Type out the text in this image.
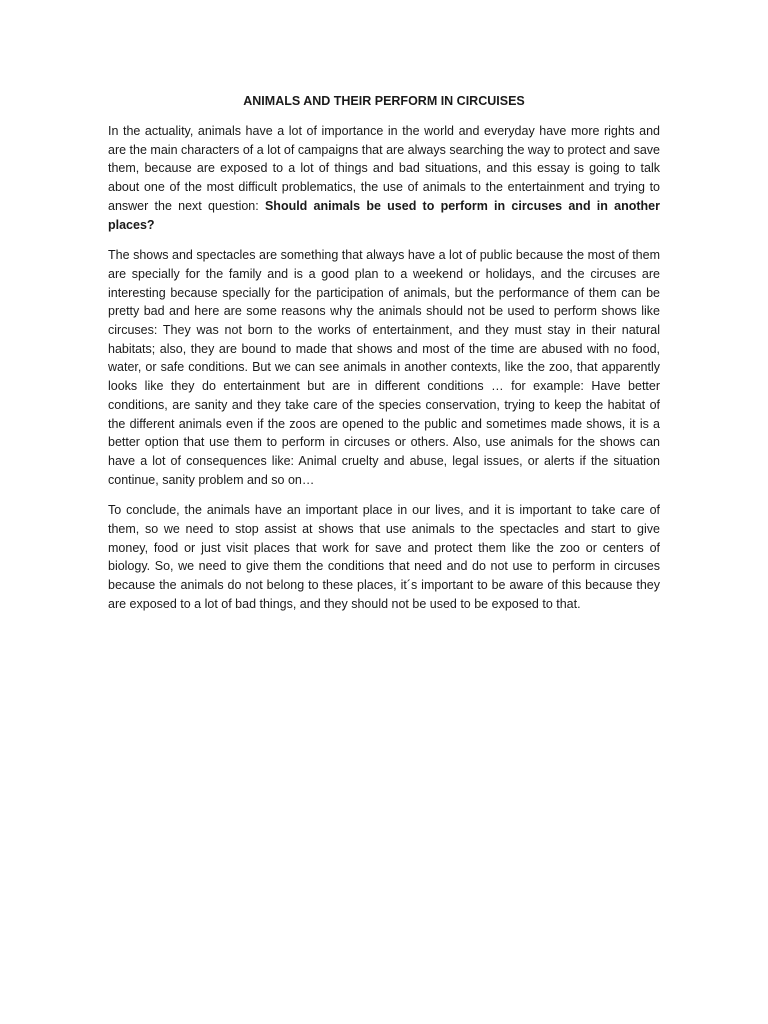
ANIMALS AND THEIR PERFORM IN CIRCUISES

In the actuality, animals have a lot of importance in the world and everyday have more rights and are the main characters of a lot of campaigns that are always searching the way to protect and save them, because are exposed to a lot of things and bad situations, and this essay is going to talk about one of the most difficult problematics, the use of animals to the entertainment and trying to answer the next question: Should animals be used to perform in circuses and in another places?

The shows and spectacles are something that always have a lot of public because the most of them are specially for the family and is a good plan to a weekend or holidays, and the circuses are interesting because specially for the participation of animals, but the performance of them can be pretty bad and here are some reasons why the animals should not be used to perform shows like circuses: They was not born to the works of entertainment, and they must stay in their natural habitats; also, they are bound to made that shows and most of the time are abused with no food, water, or safe conditions. But we can see animals in another contexts, like the zoo, that apparently looks like they do entertainment but are in different conditions … for example: Have better conditions, are sanity and they take care of the species conservation, trying to keep the habitat of the different animals even if the zoos are opened to the public and sometimes made shows, it is a better option that use them to perform in circuses or others. Also, use animals for the shows can have a lot of consequences like: Animal cruelty and abuse, legal issues, or alerts if the situation continue, sanity problem and so on…

To conclude, the animals have an important place in our lives, and it is important to take care of them, so we need to stop assist at shows that use animals to the spectacles and start to give money, food or just visit places that work for save and protect them like the zoo or centers of biology. So, we need to give them the conditions that need and do not use to perform in circuses because the animals do not belong to these places, it´s important to be aware of this because they are exposed to a lot of bad things, and they should not be used to be exposed to that.
